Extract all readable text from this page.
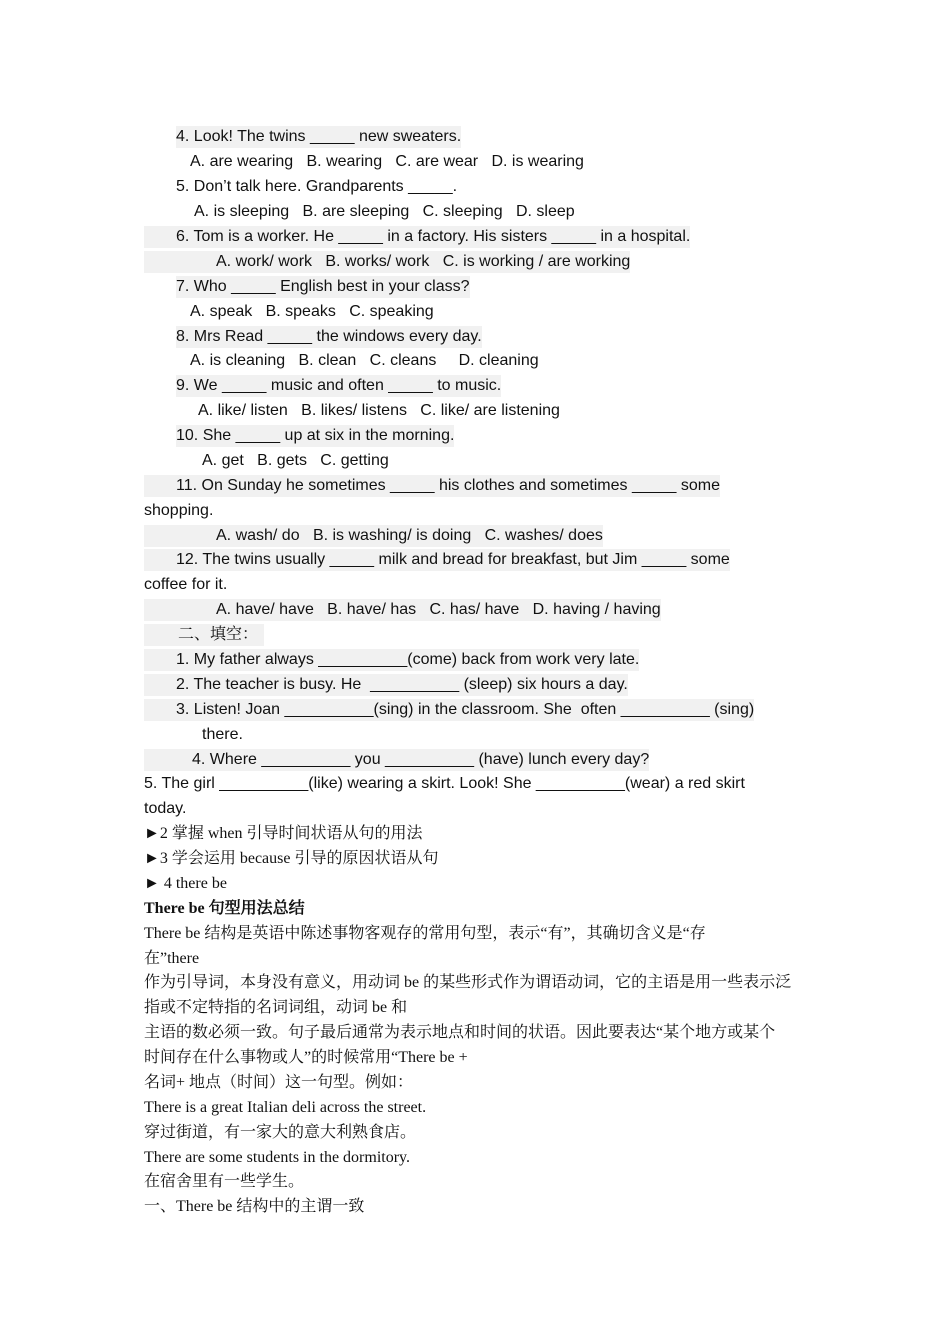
4. Look! The twins _____ new sweaters.
A. are wearing   B. wearing   C. are wear   D. is wearing
5. Don’t talk here. Grandparents _____.
A. is sleeping   B. are sleeping   C. sleeping   D. sleep
6. Tom is a worker. He _____ in a factory. His sisters _____ in a hospital.
A. work/ work   B. works/ work   C. is working / are working
7. Who _____ English best in your class?
A. speak   B. speaks   C. speaking
8. Mrs Read _____ the windows every day.
A. is cleaning   B. clean   C. cleans     D. cleaning
9. We _____ music and often _____ to music.
A. like/ listen   B. likes/ listens   C. like/ are listening
10. She _____ up at six in the morning.
A. get   B. gets   C. getting
11. On Sunday he sometimes _____ his clothes and sometimes _____ some
shopping.
A. wash/ do   B. is washing/ is doing   C. washes/ does
12. The twins usually _____ milk and bread for breakfast, but Jim _____ some
coffee for it.
A. have/ have   B. have/ has   C. has/ have   D. having / having
二、填空：
1. My father always __________(come) back from work very late.
2. The teacher is busy. He  __________ (sleep) six hours a day.
3. Listen! Joan __________(sing) in the classroom. She  often __________ (sing)
there.
4. Where __________ you __________ (have) lunch every day?
5. The girl __________(like) wearing a skirt. Look! She __________(wear) a red skirt
today.
►2 掌握 when 引导时间状语从句的用法
►3 学会运用 because 引导的原因状语从句
► 4 there be
There be 句型用法总结
There be 结构是英语中陈述事物客观存的常用句型，表示“有”，其确切含义是“存
在”there
作为引导词，本身没有意义，用动词 be 的某些形式作为谓语动词，它的主语是用一些表示泛
指或不定特指的名词词组，动词 be 和
主语的数必须一致。句子最后通常为表示地点和时间的状语。因此要表达“某个地方或某个
时间存在什么事物或人”的时候常用“There be +
名词+ 地点（时间）这一句型。例如：
There is a great Italian deli across the street.
穿过街道，有一家大的意大利熟食店。
There are some students in the dormitory.
在宿舍里有一些学生。
一、There be 结构中的主谓一致
